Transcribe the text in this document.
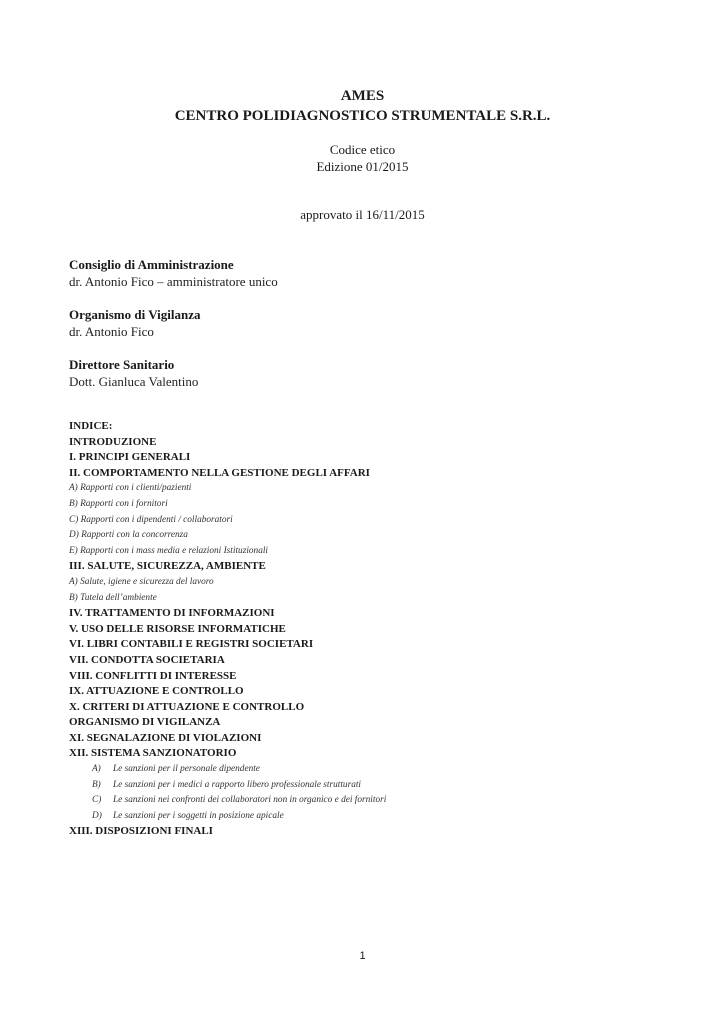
AMES
CENTRO POLIDIAGNOSTICO STRUMENTALE S.R.L.
Codice etico
Edizione 01/2015
approvato il 16/11/2015
Consiglio di Amministrazione
dr. Antonio Fico – amministratore unico
Organismo di Vigilanza
dr. Antonio Fico
Direttore Sanitario
Dott. Gianluca Valentino
INDICE:
INTRODUZIONE
I. PRINCIPI GENERALI
II. COMPORTAMENTO NELLA GESTIONE DEGLI AFFARI
A) Rapporti con i clienti/pazienti
B) Rapporti con i fornitori
C) Rapporti con i dipendenti / collaboratori
D) Rapporti con la concorrenza
E) Rapporti con i mass media e relazioni Istituzionali
III. SALUTE, SICUREZZA, AMBIENTE
A) Salute, igiene e sicurezza del lavoro
B) Tutela dell’ambiente
IV. TRATTAMENTO DI INFORMAZIONI
V. USO DELLE RISORSE INFORMATICHE
VI. LIBRI CONTABILI E REGISTRI SOCIETARI
VII. CONDOTTA SOCIETARIA
VIII. CONFLITTI DI INTERESSE
IX. ATTUAZIONE E CONTROLLO
X. CRITERI DI ATTUAZIONE E CONTROLLO
ORGANISMO DI VIGILANZA
XI. SEGNALAZIONE DI VIOLAZIONI
XII. SISTEMA SANZIONATORIO
A) Le sanzioni per il personale dipendente
B) Le sanzioni per i medici a rapporto libero professionale strutturati
C) Le sanzioni nei confronti dei collaboratori non in organico e dei fornitori
D) Le sanzioni per i soggetti in posizione apicale
XIII. DISPOSIZIONI FINALI
1
